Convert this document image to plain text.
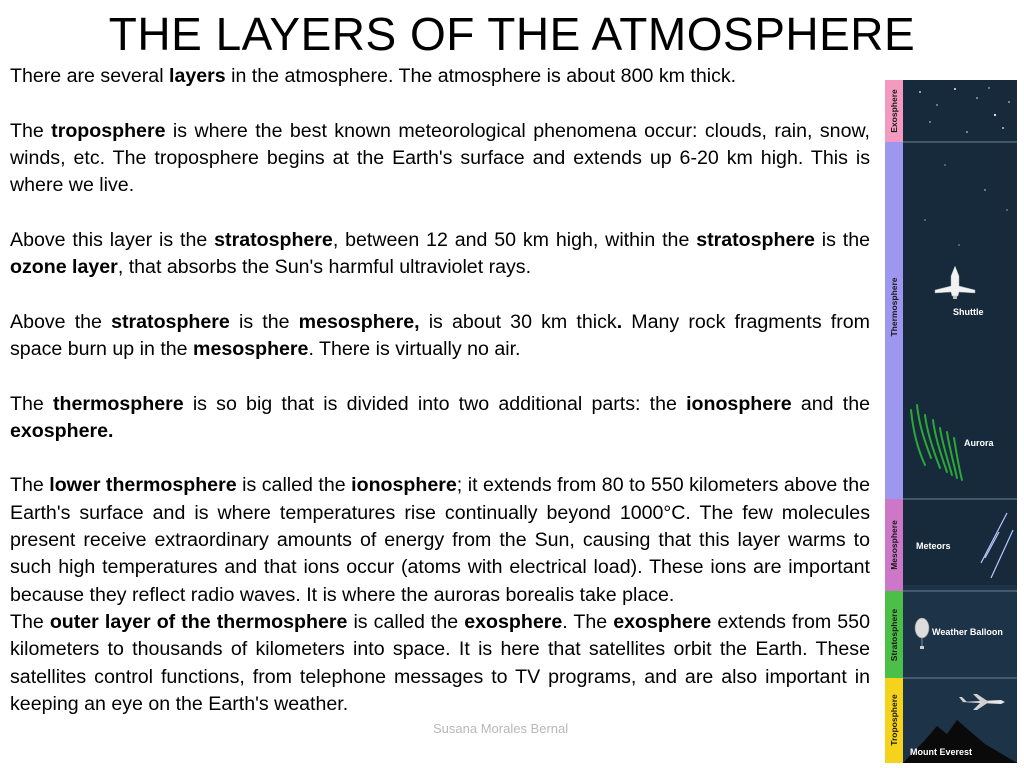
THE LAYERS OF THE ATMOSPHERE

There are several layers in the atmosphere. The atmosphere is about 800 km thick.

The troposphere is where the best known meteorological phenomena occur: clouds, rain, snow, winds, etc. The troposphere begins at the Earth's surface and extends up 6-20 km high. This is where we live.

Above this layer is the stratosphere, between 12 and 50 km high, within the stratosphere is the ozone layer, that absorbs the Sun's harmful ultraviolet rays.

Above the stratosphere is the mesosphere, is about 30 km thick. Many rock fragments from space burn up in the mesosphere. There is virtually no air.

The thermosphere is so big that is divided into two additional parts: the ionosphere and the exosphere.

The lower thermosphere is called the ionosphere; it extends from 80 to 550 kilometers above the Earth's surface and is where temperatures rise continually beyond 1000°C. The few molecules present receive extraordinary amounts of energy from the Sun, causing that this layer warms to such high temperatures and that ions occur (atoms with electrical load). These ions are important because they reflect radio waves. It is where the auroras borealis take place.

The outer layer of the thermosphere is called the exosphere. The exosphere extends from 550 kilometers to thousands of kilometers into space. It is here that satellites orbit the Earth. These satellites control functions, from telephone messages to TV programs, and are also important in keeping an eye on the Earth's weather.

Susana Morales Bernal
Exosphere
Thermosphere
Mesosphere
Stratosphere
Troposphere
Shuttle
Aurora
Meteors
Weather Balloon
Mount Everest
